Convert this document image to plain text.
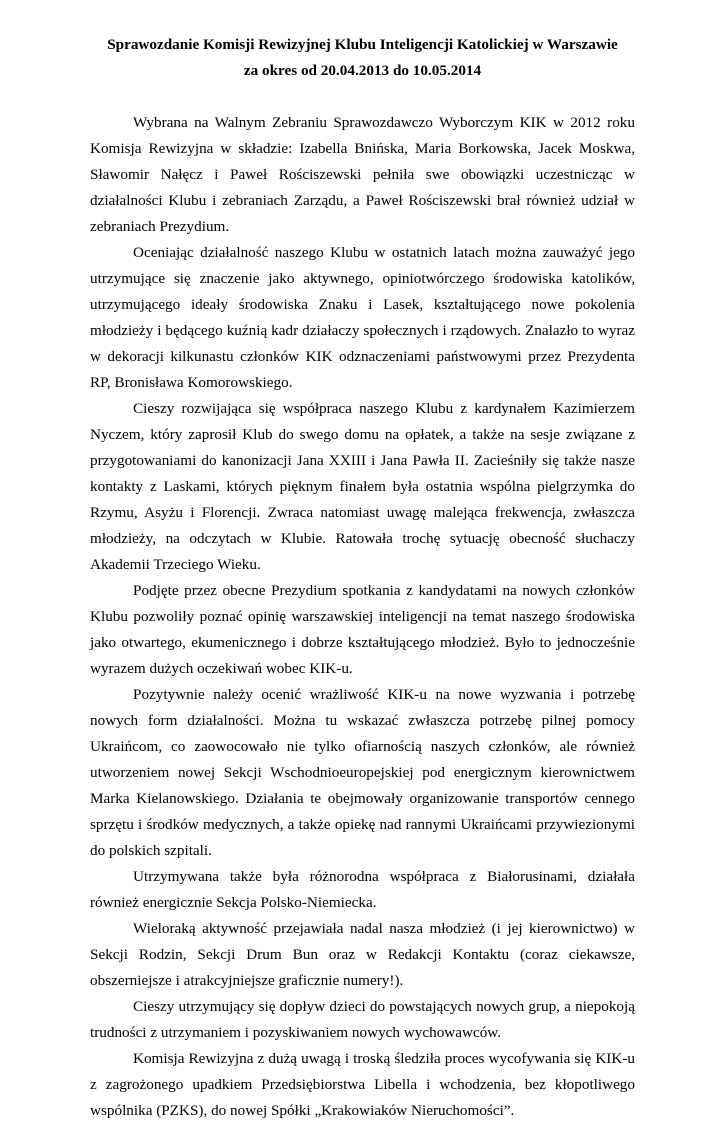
Sprawozdanie Komisji Rewizyjnej Klubu Inteligencji Katolickiej w Warszawie

za okres od 20.04.2013 do 10.05.2014

Wybrana na Walnym Zebraniu Sprawozdawczo Wyborczym KIK w 2012 roku Komisja Rewizyjna w składzie: Izabella Bnińska, Maria Borkowska, Jacek Moskwa, Sławomir Nałęcz i Paweł Rościszewski pełniła swe obowiązki uczestnicząc w działalności Klubu i zebraniach Zarządu, a Paweł Rościszewski brał również udział w zebraniach Prezydium.

Oceniając działalność naszego Klubu w ostatnich latach można zauważyć jego utrzymujące się znaczenie jako aktywnego, opiniotwórczego środowiska katolików, utrzymującego ideały środowiska Znaku i Lasek, kształtującego nowe pokolenia młodzieży i będącego kuźnią kadr działaczy społecznych i rządowych. Znalazło to wyraz w dekoracji kilkunastu członków KIK odznaczeniami państwowymi przez Prezydenta RP, Bronisława Komorowskiego.

Cieszy rozwijająca się współpraca naszego Klubu z kardynałem Kazimierzem Nyczem, który zaprosił Klub do swego domu na opłatek, a także na sesje związane z przygotowaniami do kanonizacji Jana XXIII i Jana Pawła II. Zacieśniły się także nasze kontakty z Laskami, których pięknym finałem była ostatnia wspólna pielgrzymka do Rzymu, Asyżu i Florencji. Zwraca natomiast uwagę malejąca frekwencja, zwłaszcza młodzieży, na odczytach w Klubie. Ratowała trochę sytuację obecność słuchaczy Akademii Trzeciego Wieku.

Podjęte przez obecne Prezydium spotkania z kandydatami na nowych członków Klubu pozwoliły poznać opinię warszawskiej inteligencji na temat naszego środowiska jako otwartego, ekumenicznego i dobrze kształtującego młodzież. Było to jednocześnie wyrazem dużych oczekiwań wobec KIK-u.

Pozytywnie należy ocenić wrażliwość KIK-u na nowe wyzwania i potrzebę nowych form działalności. Można tu wskazać zwłaszcza potrzebę pilnej pomocy Ukraińcom, co zaowocowało nie tylko ofiarnością naszych członków, ale również utworzeniem nowej Sekcji Wschodnioeuropejskiej pod energicznym kierownictwem Marka Kielanowskiego. Działania te obejmowały organizowanie transportów cennego sprzętu i środków medycznych, a także opiekę nad rannymi Ukraińcami przywiezionymi do polskich szpitali.

Utrzymywana także była różnorodna współpraca z Białorusinami, działała również energicznie Sekcja Polsko-Niemiecka.

Wieloraką aktywność przejawiała nadal nasza młodzież (i jej kierownictwo) w Sekcji Rodzin, Sekcji Drum Bun oraz w Redakcji Kontaktu (coraz ciekawsze, obszerniejsze i atrakcyjniejsze graficznie numery!).

Cieszy utrzymujący się dopływ dzieci do powstających nowych grup, a niepokoją trudności z utrzymaniem i pozyskiwaniem nowych wychowawców.

Komisja Rewizyjna z dużą uwagą i troską śledziła proces wycofywania się KIK-u z zagrożonego upadkiem Przedsiębiorstwa Libella i wchodzenia, bez kłopotliwego wspólnika (PZKS), do nowej Spółki „Krakowiaków Nieruchomości”.
